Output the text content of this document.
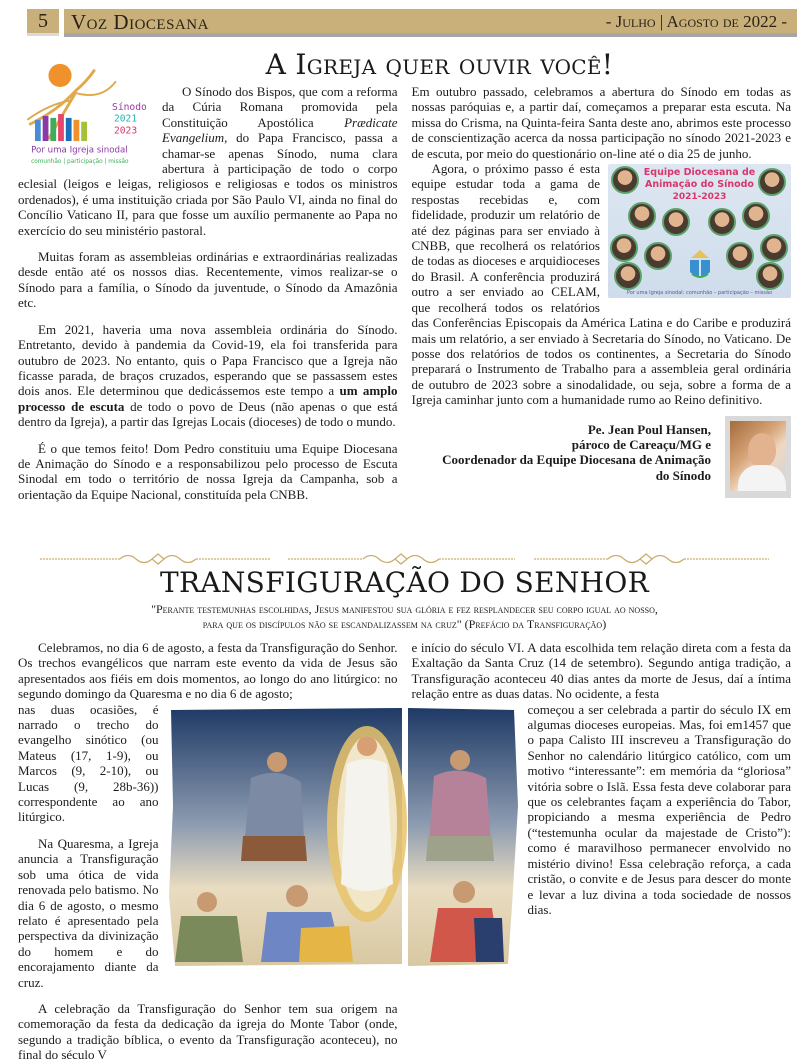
5	Voz Diocesana	- Julho | Agosto de 2022 -
A Igreja quer ouvir você!
Sínodo
2021
2023
Por uma Igreja sinodal
comunhão | participação | missão

O Sínodo dos Bispos, que com a reforma da Cúria Romana promovida pela Constituição Apostólica Prædicate Evangelium, do Papa Francisco, passa a chamar-se apenas Sínodo, numa clara abertura à participação de todo o corpo eclesial (leigos e leigas, religiosos e religiosas e todos os ministros ordenados), é uma instituição criada por São Paulo VI, ainda no final do Concílio Vaticano II, para que fosse um auxílio permanente ao Papa no exercício do seu ministério pastoral.

Muitas foram as assembleias ordinárias e extraordinárias realizadas desde então até os nossos dias. Recentemente, vimos realizar-se o Sínodo para a família, o Sínodo da juventude, o Sínodo da Amazônia etc.

Em 2021, haveria uma nova assembleia ordinária do Sínodo. Entretanto, devido à pandemia da Covid-19, ela foi transferida para outubro de 2023. No entanto, quis o Papa Francisco que a Igreja não ficasse parada, de braços cruzados, esperando que se passassem estes dois anos. Ele determinou que dedicássemos este tempo a um amplo processo de escuta de todo o povo de Deus (não apenas o que está dentro da Igreja), a partir das Igrejas Locais (dioceses) de todo o mundo.

É o que temos feito! Dom Pedro constituiu uma Equipe Diocesana de Animação do Sínodo e a responsabilizou pelo processo de Escuta Sinodal em todo o território de nossa Igreja da Campanha, sob a orientação da Equipe Nacional, constituída pela CNBB.

Em outubro passado, celebramos a abertura do Sínodo em todas as nossas paróquias e, a partir daí, começamos a preparar esta escuta. Na missa do Crisma, na Quinta-feira Santa deste ano, abrimos este processo de conscientização acerca da nossa participação no sínodo 2021-2023 e de escuta, por meio do questionário on-line até o dia 25 de junho.

Equipe Diocesana de Animação do Sínodo
2021-2023
Por uma Igreja sinodal: comunhão – participação – missão

Agora, o próximo passo é esta equipe estudar toda a gama de respostas recebidas e, com fidelidade, produzir um relatório de até dez páginas para ser enviado à CNBB, que recolherá os relatórios de todas as dioceses e arquidioceses do Brasil. A conferência produzirá outro a ser enviado ao CELAM, que recolherá todos os relatórios das Conferências Episcopais da América Latina e do Caribe e produzirá mais um relatório, a ser enviado à Secretaria do Sínodo, no Vaticano. De posse dos relatórios de todos os continentes, a Secretaria do Sínodo preparará o Instrumento de Trabalho para a assembleia geral ordinária de outubro de 2023 sobre a sinodalidade, ou seja, sobre a forma de a Igreja caminhar junto com a humanidade rumo ao Reino definitivo.

Pe. Jean Poul Hansen,
pároco de Careaçu/MG e
Coordenador da Equipe Diocesana de Animação
do Sínodo
TRANSFIGURAÇÃO DO SENHOR
"Perante testemunhas escolhidas, Jesus manifestou sua glória e fez resplandecer seu corpo igual ao nosso,
para que os discípulos não se escandalizassem na cruz" (Prefácio da Transfiguração)

Celebramos, no dia 6 de agosto, a festa da Transfiguração do Senhor. Os trechos evangélicos que narram este evento da vida de Jesus são apresentados aos fiéis em dois momentos, ao longo do ano litúrgico: no segundo domingo da Quaresma e no dia 6 de agosto;

nas duas ocasiões, é narrado o trecho do evangelho sinótico (ou Mateus (17, 1-9), ou Marcos (9, 2-10), ou Lucas (9, 28b-36)) correspondente ao ano litúrgico.

Na Quaresma, a Igreja anuncia a Transfiguração sob uma ótica de vida renovada pelo batismo. No dia 6 de agosto, o mesmo relato é apresentado pela perspectiva da divinização do homem e do encorajamento diante da cruz.

A celebração da Transfiguração do Senhor tem sua origem na comemoração da festa da dedicação da igreja do Monte Tabor (onde, segundo a tradição bíblica, o evento da Transfiguração aconteceu), no final do século V

e início do século VI. A data escolhida tem relação direta com a festa da Exaltação da Santa Cruz (14 de setembro). Segundo antiga tradição, a Transfiguração aconteceu 40 dias antes da morte de Jesus, daí a íntima relação entre as duas datas. No ocidente, a festa

começou a ser celebrada a partir do século IX em algumas dioceses europeias. Mas, foi em1457 que o papa Calisto III inscreveu a Transfiguração do Senhor no calendário litúrgico católico, com um motivo “interessante”: em memória da “gloriosa” vitória sobre o Islã. Essa festa deve colaborar para que os celebrantes façam a experiência do Tabor, propiciando a mesma experiência de Pedro (“testemunha ocular da majestade de Cristo”): como é maravilhoso permanecer envolvido no mistério divino! Essa celebração reforça, a cada cristão, o convite e de Jesus para descer do monte e levar a luz divina a toda sociedade de nossos dias.
